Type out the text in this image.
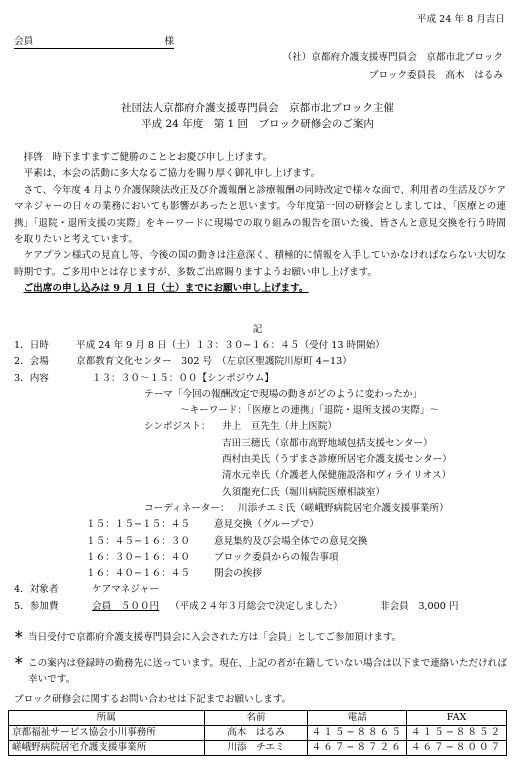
平成 24 年 8 月吉日
会員	様
（社）京都府介護支援専門員会　京都市北ブロック
ブロック委員長　高木　はるみ
社団法人京都府介護支援専門員会　京都市北ブロック主催
平成 24 年度　第 1 回　ブロック研修会のご案内

拝啓　時下ますますご健勝のこととお慶び申し上げます。

平素は、本会の活動に多大なるご協力を賜り厚く御礼申し上げます。

さて、今年度 4 月より介護保険法改正及び介護報酬と診療報酬の同時改定で様々な面で、利用者の生活及びケアマネジャーの日々の業務においても影響があったと思います。今年度第一回の研修会としましては、｢医療との連携｣「退院・退所支援の実際」をキーワードに現場での取り組みの報告を頂いた後、皆さんと意見交換を行う時間を取りたいと考えています。

ケアプラン様式の見直し等、今後の国の動きは注意深く、積極的に情報を入手していかなければならない大切な時期です。ご多用中とは存じますが、多数ご出席賜りますようお願い申し上げます。

ご出席の申し込みは 9 月 1 日（土）までにお願い申し上げます。

記
1．日時	平成 24 年 9 月 8 日（土）１３：３０−１６：４５（受付 13 時開始）
2．会場	京都教育文化センター　302 号　（左京区聖護院川原町 4−13）
3．内容	１３：３０〜１５：００【シンポジウム】
テーマ「今回の報酬改定で現場の動きがどのように変わったか」
〜キーワード：｢医療との連携｣「退院・退所支援の実際」〜
シンポジスト： 井上　亘先生（井上医院）
吉田三穂氏（京都市高野地域包括支援センター）
西村由美氏（うずまさ診療所居宅介護支援センター）
清水元幸氏（介護老人保健施設洛和ヴィライリオス）
久須龍充仁氏（堀川病院医療相談室）
コーディネーター： 川添チエミ氏（嵯峨野病院居宅介護支援事業所）
１５：１５−１５：４５	意見交換（グループで）
１５：４５−１６：３０	意見集約及び会場全体での意見交換
１６：３０−１６：４０	ブロック委員からの報告事項
１６：４０−１６：４５	閉会の挨拶
4．対象者	ケアマネジャー
5．参加費	会員　５００円 （平成２４年３月総会で決定しました）	非会員　3,000 円
＊ 当日受付で京都府介護支援専門員会に入会された方は「会員」としてご参加頂けます。
＊ この案内は登録時の勤務先に送っています。現在、上記の者が在籍していない場合は以下まで連絡いただければ幸いです。
ブロック研修会に関するお問い合わせは下記までお願いします。
所属	名前	電話	FAX
京都福祉サービス協会小川事務所	高木　はるみ	４１５−８８６５	４１５−８８５２
嵯峨野病院居宅介護支援事業所	川添　チエミ	４６７−８７２６	４６７−８００７
